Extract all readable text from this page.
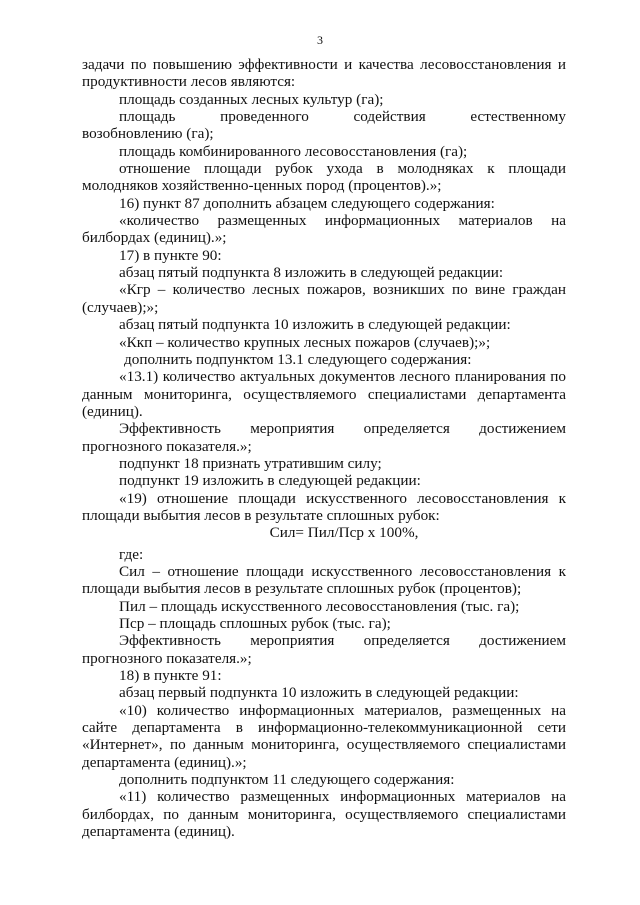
3
задачи по повышению эффективности и качества лесовосстановления и
продуктивности лесов являются:
площадь созданных лесных культур (га);
площадь проведенного содействия естественному
возобновлению (га);
площадь комбинированного лесовосстановления (га);
отношение площади рубок ухода в молодняках к площади
молодняков хозяйственно-ценных пород (процентов).»;
16) пункт 87 дополнить абзацем следующего содержания:
«количество размещенных информационных материалов на
билбордах (единиц).»;
17) в пункте 90:
абзац пятый подпункта 8 изложить в следующей редакции:
«Кгр – количество лесных пожаров, возникших по вине граждан
(случаев);»;
абзац пятый подпункта 10 изложить в следующей редакции:
«Ккп – количество крупных лесных пожаров (случаев);»;
дополнить подпунктом 13.1 следующего содержания:
«13.1) количество актуальных документов лесного планирования по
данным мониторинга, осуществляемого специалистами департамента
(единиц).
Эффективность мероприятия определяется достижением
прогнозного показателя.»;
подпункт 18 признать утратившим силу;
подпункт 19 изложить в следующей редакции:
«19) отношение площади искусственного лесовосстановления к
площади выбытия лесов в результате сплошных рубок:
Сил= Пил/Пср х 100%,
где:
Сил – отношение площади искусственного лесовосстановления к
площади выбытия лесов в результате сплошных рубок (процентов);
Пил – площадь искусственного лесовосстановления (тыс. га);
Пср – площадь сплошных рубок (тыс. га);
Эффективность мероприятия определяется достижением
прогнозного показателя.»;
18) в пункте 91:
абзац первый подпункта 10 изложить в следующей редакции:
«10) количество информационных материалов, размещенных на
сайте департамента в информационно-телекоммуникационной сети
«Интернет», по данным мониторинга, осуществляемого специалистами
департамента (единиц).»;
дополнить подпунктом 11 следующего содержания:
«11) количество размещенных информационных материалов на
билбордах, по данным мониторинга, осуществляемого специалистами
департамента (единиц).
